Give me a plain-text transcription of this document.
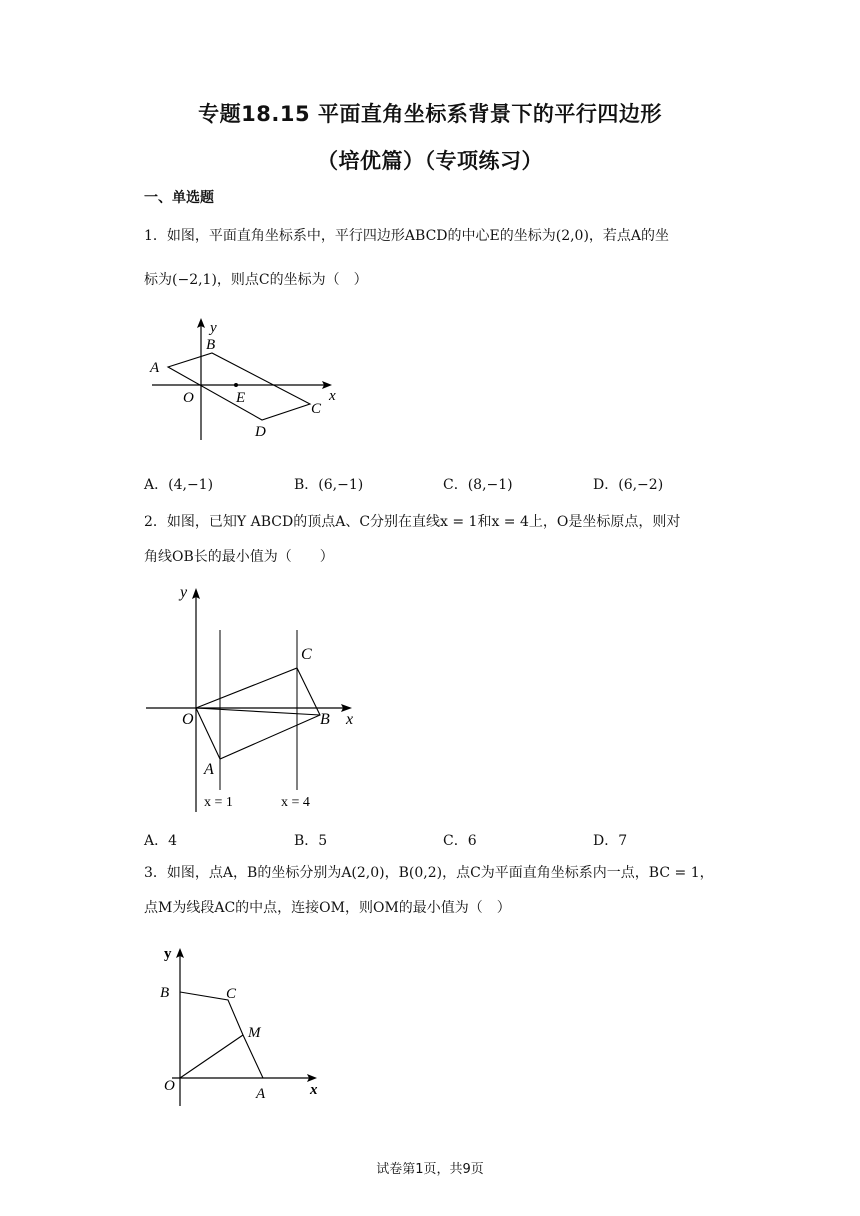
专题18.15 平面直角坐标系背景下的平行四边形
（培优篇）（专项练习）
一、单选题
1．如图，平面直角坐标系中，平行四边形ABCD的中心E的坐标为(2,0)，若点A的坐
标为(−2,1)，则点C的坐标为（　）
y
x
A
B
O	E
C
D
A．(4,−1)	B．(6,−1)	C．(8,−1)	D．(6,−2)
2．如图，已知Y ABCD的顶点A、C分别在直线x = 1和x = 4上，O是坐标原点，则对
角线OB长的最小值为（　　）
y
x
O
C
B
A
x = 1	x = 4
A．4	B．5	C．6	D．7
3．如图，点A，B的坐标分别为A(2,0)，B(0,2)，点C为平面直角坐标系内一点，BC = 1，
点M为线段AC的中点，连接OM，则OM的最小值为（　）
y
x
B	C
M
O	A
试卷第1页，共9页
